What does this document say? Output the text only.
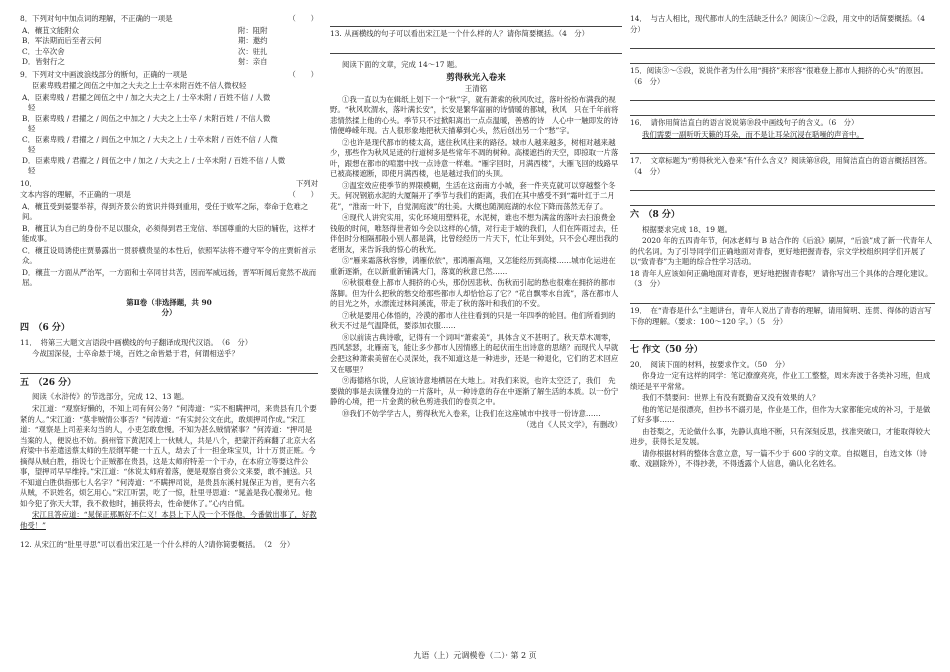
8．下列对句中加点词的理解，不正确的一项是	（　　）
A．穰苴文能附众	附：阻附
B．军法期而后至者云何	期：邀约
C．士卒次舍	次：驻扎
D．皆射行之	射：亲自
9．下列对文中画波浪线部分的断句，正确的一项是	（　　）
臣素卑贱君擢之闾伍之中加之大夫之上士卒未附百姓不信人微权轻
A．臣素卑贱 / 君擢之闾伍之中 / 加之大夫之上 / 士卒未附 / 百姓不信 / 人微
轻
B．臣素卑贱 / 君擢之 / 闾伍之中加之 / 大夫之上士卒 / 未附百姓 / 不信人微
轻
C．臣素卑贱 / 君擢之 / 闾伍之中加之 / 大夫之上 / 士卒未附 / 百姓不信 / 人微
轻
D．臣素卑贱 / 君擢之 / 闾伍之中 / 加之 / 大夫之上 / 士卒未附 / 百姓不信 / 人微
轻
10．	下列对
文本内容的理解，不正确的一项是	（　　）
A．穰苴受到晏婴举荐，得到齐景公的赏识并得到重用，受任于败军之际，奉命于危难之间。
B．穰苴认为自己的身份不足以服众，必须得到君王宠信、举国尊重的大臣的辅佐，这样才能成事。
C．穰苴设局诱使庄贾暴露出一贯骄横贵显的本性后，依照军法将不遵守军令的庄贾斩首示众。
D．穰苴一方面从严治军，一方面和士卒同甘共苦，因而军威远扬，晋军听闻后竟然不战而屈。
第Ⅱ卷（非选择题，共 90
分）
四　（6 分）
11．　将第三大题文言语段中画横线的句子翻译成现代汉语。　（6　分）
今战国深侵，士卒命悬于境，百姓之命皆悬于君，何谓相送乎？
五　（26 分）
阅读《水浒传》的节选部分，完成 12、13 题。
宋江道：“观察好懒的，不知上司有何公务？”何涛道：“实不相瞒押司，来贵县有几个要紧的人。”宋江道：“莫非贼情公事否？”何涛道：“有实封公文在此，敢烦押司作成。”宋江道：“观察是上司差来勾当的人，小吏怎敢怠慢。不知为甚么贼情紧事？”何涛道：“押司是当案的人，便说也不妨。蓟州管下黄泥冈上一伙贼人，共是八个，把蒙汗药麻翻了北京大名府梁中书差遣送蔡太师的生辰纲军健一十五人，劫去了十一担金珠宝贝，计十万贯正赃。今摘得从贼白胜，指说七个正贼都在贵县，这是太师府特差一个干办，在本府立等要这件公事，望押司早早维持。”宋江道：“休说太师府着落，便是观察自赍公文来要，敢不捕送。只不知道白胜供指那七人名字？”何涛道：“不瞒押司说，是贵县东溪村晁保正为首，更有六名从贼，不识姓名，烦乞用心。”宋江听罢，吃了一惊，肚里寻思道：“晁盖是我心腹弟兄。他如今犯了弥天大罪，我不救他时，捕获将去，性命便休了。”心内自慌。
宋江且答应道：“晁保正那厮好不仁义！本县上下人没一个不怪他，今番做出事了，好教他受！”
12. 从宋江的“肚里寻思”可以看出宋江是一个什么样的人?请你简要概括。　（2　分）
13. 从画横线的句子可以看出宋江是一个什么样的人？请你简要概括。（4　分）
阅读下面的文章，完成 14～17 题。
剪得秋光入卷来
王清铭
①我一直以为在辑纸上划下一个“秋”字，就有萧索的秋风吹过，落叶纷纷布满我的视野。“秋风吹渭水，落叶满长安”，长安是繁华富丽的诗情暖的都城，秋风　只在千年前将悲情然揉上他的心头。季节只不过掀阳离出一点点温暖，善感的诗　人心中一触即发的诗情便峥嵘年现。古人很形象地把秋天描摹到心头，然后创出另一个“愁”字。
②也许是现代都市的楼太高，遮住秋风往来的路径。城市人越来越多，树相对越来越少，那些作为秋风足迹的行道树多是些常年不凋的树种。高楼遮挡的天空，即掠取一片落叶，跟想在都市的喧嚣中找一点诗意一样难。“雁字回时，月满西楼”，大雁飞回的线路早已被高楼遮断，即使月满西楼，也是越过我们的头顶。
③温室效应使季节的界限模糊，生活在这南南方小城，套一件夹克就可以穿越整个冬天。何况钢筋水泥的大厦隔开了季节与我们的距离，我们在其中感受不到“霜叶红于二月花”，“淮南一叶下，自觉洞庭波”的壮美。大概也随洞庭湖的水位下降而荡然无存了。
④现代人讲究实用，实化环境用塑料花，水泥树，谁也不想为满盆的落叶去扫浪费金钱般的时间，唯怒得世者如今会以这样的心情，对行走于城的我们，人们在阵雨过去，任伴侣时分相隔那般小别人都是满，比曾经经历一片天下，忙让年到处，只不会心理出我的老朋友，来告诉我的惊心的秋光。
⑤“雁来霜落秋容惨，鸿雁依依”，那鸿雁高翔，又怎能经历到高楼……城市化运进在重新逐渐，在以新重新铺满大门，落寞的秋意已然……
⑥秋很难登上都市人拥挤的心头，那份因悲秋、伤秋而引起的愁也很难在拥挤的都市落脚。但为什么把秋的愁交给那些都市人却恰恰忘了它？“花自飘零水自流”，落在都市人的目光之外，水漂流过林间溪流，带走了秋的落叶和我们的不安。
⑦秋是要用心体悟的，冷漠的都市人往往看到的只是一年四季的轮回。他们所看到的秋天不过是气温降低，要添加衣服……
⑧以前读古典诗歌，记得有一个词叫“萧索美”，具体含义不甚明了。秋天草木凋零，西风瑟瑟，北雁南飞，能让多少都市人因情感上的起伏而生出诗意的思绪？而现代人早就会把这种萧索美留在心灵深处，我不知道这是一种进步，还是一种退化，它们的艺术回应又在哪里？
⑨海德格尔说，人应该诗意地栖居在大地上。对我们来说，也许太空泛了，我们　先要做的事是去读懂身边的一片落叶，从一种诗意的存在中逐渐了解生活的本质。以一份宁静的心境，把一片金黄的秋色剪进我们的卷页之中。
⑩我们不妨学学古人，剪得秋光入卷来，让我们在这座城市中找寻一份诗意……
（选自《人民文学》，有删改）
14．　与古人相比，现代都市人的生活缺乏什么？阅读①～②段，用文中的话简要概括。（4　分）
15．阅读③～⑤段，说说作者为什么用“拥挤”来形容“很难登上都市人拥挤的心头”的原因。（6　分）
16．　请你用简洁直白的语言说说第⑩段中画线句子的含义。（6　分）
我们需要一副听听天籁的耳朵，而不是让耳朵沉浸在聒噪的声音中。
17．　文章标题为“剪得秋光入卷来”有什么含义？阅读第⑩段，用简洁直白的语言概括回答。（4　分）
六　（8 分）
根据要求完成 18、19 题。
2020 年的五四青年节，何冰老师与 B 站合作的《后浪》刷屏，“后浪”成了新一代青年人的代名词。为了引导同学们正确地面对青春，更好地把握青春，宗文学校组织同学们开展了以“致青春”为主题的综合性学习活动。
18 青年人应该如何正确地面对青春，更好地把握青春呢？ 请你写出三个具体的合理化建议。（3　分）
19．　在“青春是什么”主题讲台，青年人说出了青春的理解，请用简明、连贯、得体的语言写下你的理解。（要求：100～120 字。）（5　分）
七 作文（50 分）
20．　阅读下面的材料，按要求作文。（50　分）
你身边一定有这样的同学：笔记潦潦亮亮，作业工工整整，周末奔波于各类补习班，但成绩还是平平常常。
我们不禁要问：世界上有没有既勤奋又没有效果的人？
他的笔记是很漂亮，但抄书不溺刃是，作业是工作，但作为大家都能完成的补习，于是做了好多事……
由苍梨之，无论做什么事，先静认真地不断，只有深刻反思，找准突破口，才能取得较大进步，获得长足发展。
请你根据材料的整体含意立意，写一篇不少于 600 字的文章。自拟题目，自选文体（诗歌、戏剧除外），不得抄袭，不得透露个人信息，确认化名姓名。
九语（上）元调模卷（二）· 第 2 页
